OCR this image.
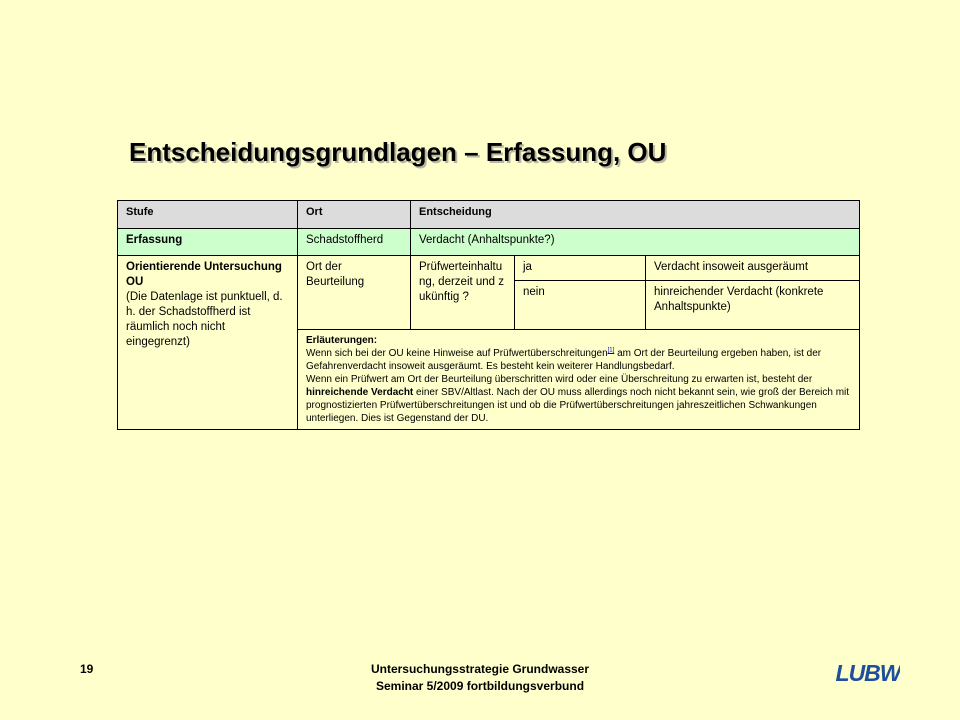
Entscheidungsgrundlagen – Erfassung, OU
Stufe	Ort	Entscheidung		
Erfassung	Schadstoffherd	Verdacht (Anhaltspunkte?)		
Orientierende Untersuchung OU
(Die Datenlage ist punktuell, d. h. der Schadstoffherd ist räumlich noch nicht eingegrenzt)	Ort der Beurteilung	Prüfwerteinhaltung, derzeit und zukünftig ?	ja	Verdacht insoweit ausgeräumt
			nein	hinreichender Verdacht (konkrete Anhaltspunkte)
	Erläuterungen:
Wenn sich bei der OU keine Hinweise auf Prüfwertüberschreitungen[1] am Ort der Beurteilung ergeben haben, ist der Gefahrenverdacht insoweit ausgeräumt. Es besteht kein weiterer Handlungsbedarf.
Wenn ein Prüfwert am Ort der Beurteilung überschritten wird oder eine Überschreitung zu erwarten ist, besteht der hinreichende Verdacht einer SBV/Altlast. Nach der OU muss allerdings noch nicht bekannt sein, wie groß der Bereich mit prognostizierten Prüfwertüberschreitungen ist und ob die Prüfwertüberschreitungen jahreszeitlichen Schwankungen unterliegen. Dies ist Gegenstand der DU.			
19	Untersuchungsstrategie Grundwasser
Seminar 5/2009 fortbildungsverbund
LUBW
